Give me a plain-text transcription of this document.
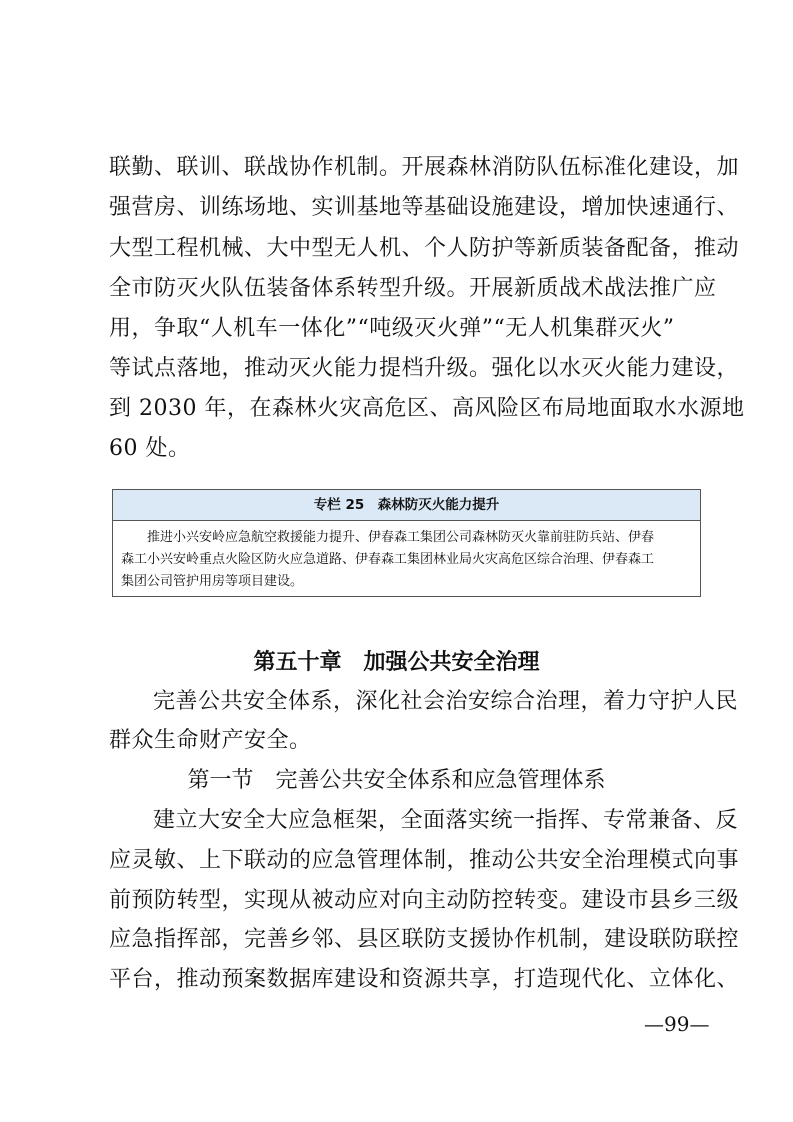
联勤、联训、联战协作机制。开展森林消防队伍标准化建设，加
强营房、训练场地、实训基地等基础设施建设，增加快速通行、
大型工程机械、大中型无人机、个人防护等新质装备配备，推动
全市防灭火队伍装备体系转型升级。开展新质战术战法推广应
用，争取“人机车一体化”“吨级灭火弹”“无人机集群灭火”
等试点落地，推动灭火能力提档升级。强化以水灭火能力建设，
到 2030 年，在森林火灾高危区、高风险区布局地面取水水源地
60 处。
专栏 25　森林防灭火能力提升

推进小兴安岭应急航空救援能力提升、伊春森工集团公司森林防灭火靠前驻防兵站、伊春

森工小兴安岭重点火险区防火应急道路、伊春森工集团林业局火灾高危区综合治理、伊春森工

集团公司管护用房等项目建设。

第五十章　加强公共安全治理
完善公共安全体系，深化社会治安综合治理，着力守护人民
群众生命财产安全。
第一节　完善公共安全体系和应急管理体系
建立大安全大应急框架，全面落实统一指挥、专常兼备、反
应灵敏、上下联动的应急管理体制，推动公共安全治理模式向事
前预防转型，实现从被动应对向主动防控转变。建设市县乡三级
应急指挥部，完善乡邻、县区联防支援协作机制，建设联防联控
平台，推动预案数据库建设和资源共享，打造现代化、立体化、
—99—
